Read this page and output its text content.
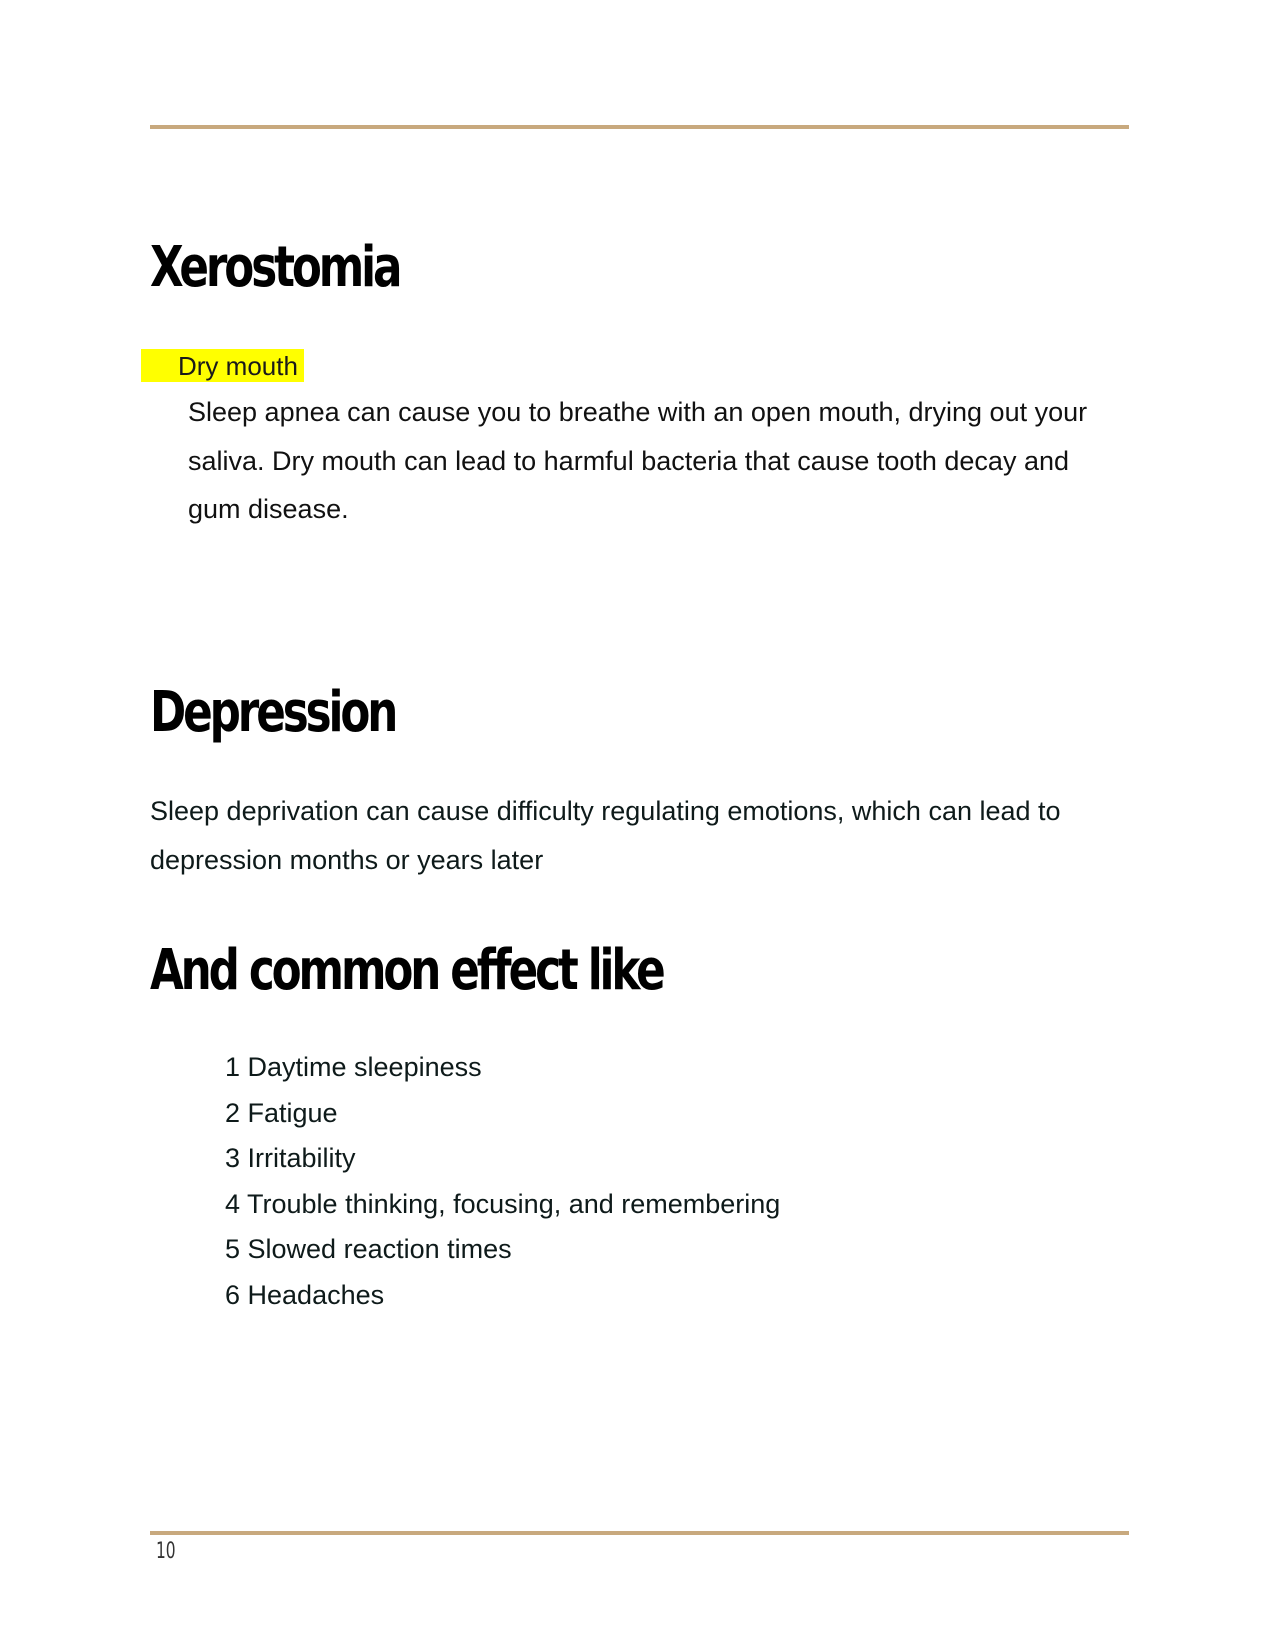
Xerostomia
Dry mouth

Sleep apnea can cause you to breathe with an open mouth, drying out your saliva. Dry mouth can lead to harmful bacteria that cause tooth decay and gum disease.

Depression

Sleep deprivation can cause difficulty regulating emotions, which can lead to depression months or years later

And common effect like
1 Daytime sleepiness
2 Fatigue
3 Irritability
4 Trouble thinking, focusing, and remembering
5 Slowed reaction times
6 Headaches
10
